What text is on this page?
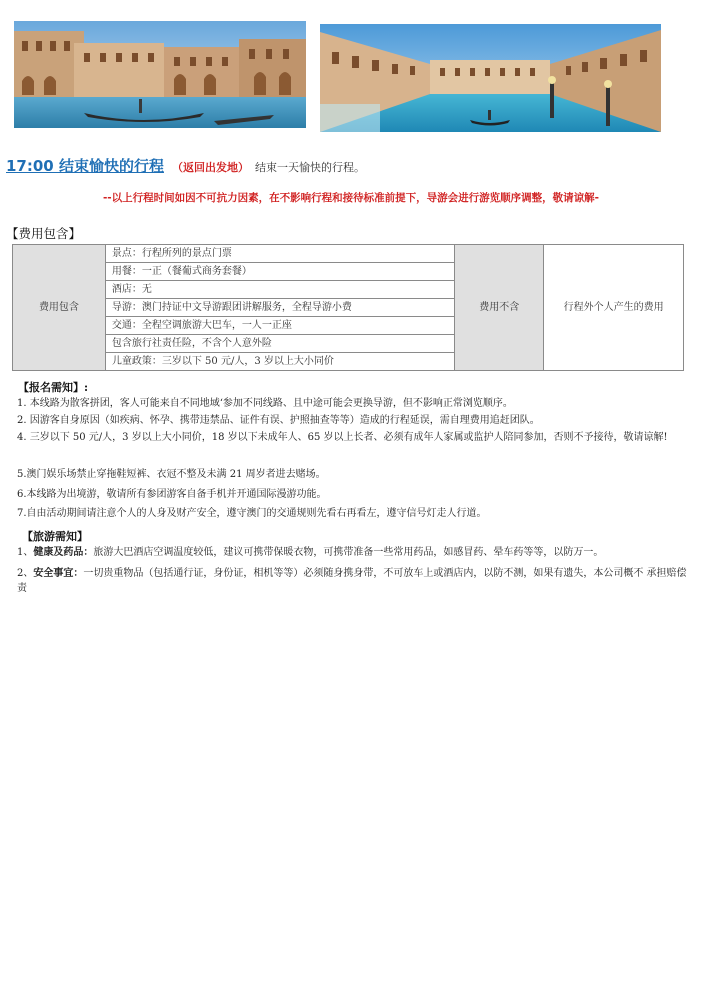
17:00 结束愉快的行程 （返回出发地） 结束一天愉快的行程。
--以上行程时间如因不可抗力因素，在不影响行程和接待标准前提下，导游会进行游览顺序调整，敬请谅解-
【费用包含】
费用包含	景点：行程所列的景点门票	费用不含	行程外个人产生的费用
用餐：一正（餐葡式商务套餐）
酒店：无
导游：澳门持证中文导游跟团讲解服务，全程导游小费
交通：全程空调旅游大巴车，一人一正座
包含旅行社责任险，不含个人意外险
儿童政策：三岁以下 50 元/人，3 岁以上大小同价
【报名需知】:
1. 本线路为散客拼团，客人可能来自不同地域‘参加不同线路、且中途可能会更换导游，但不影响正常浏览顺序。
2. 因游客自身原因（如疾病、怀孕、携带违禁品、证件有误、护照抽查等等）造成的行程延误，需自理费用追赶团队。
4. 三岁以下 50 元/人，3 岁以上大小同价，18 岁以下未成年人、65 岁以上长者、必须有成年人家属或监护人陪同参加，否则不予接待，敬请谅解!
5.澳门娱乐场禁止穿拖鞋短裤、衣冠不整及未满 21 周岁者进去赌场。
6.本线路为出境游，敬请所有参团游客自备手机并开通国际漫游功能。
7.自由活动期间请注意个人的人身及财产安全，遵守澳门的交通规则先看右再看左，遵守信号灯走人行道。
【旅游需知】
1、健康及药品：旅游大巴酒店空调温度较低，建议可携带保暖衣物，可携带准备一些常用药品，如感冒药、晕车药等等，以防万一。
2、安全事宜：一切贵重物品（包括通行证，身份证，相机等等）必须随身携身带，不可放车上或酒店内，以防不测，如果有遗失，本公司概不 承担赔偿责
